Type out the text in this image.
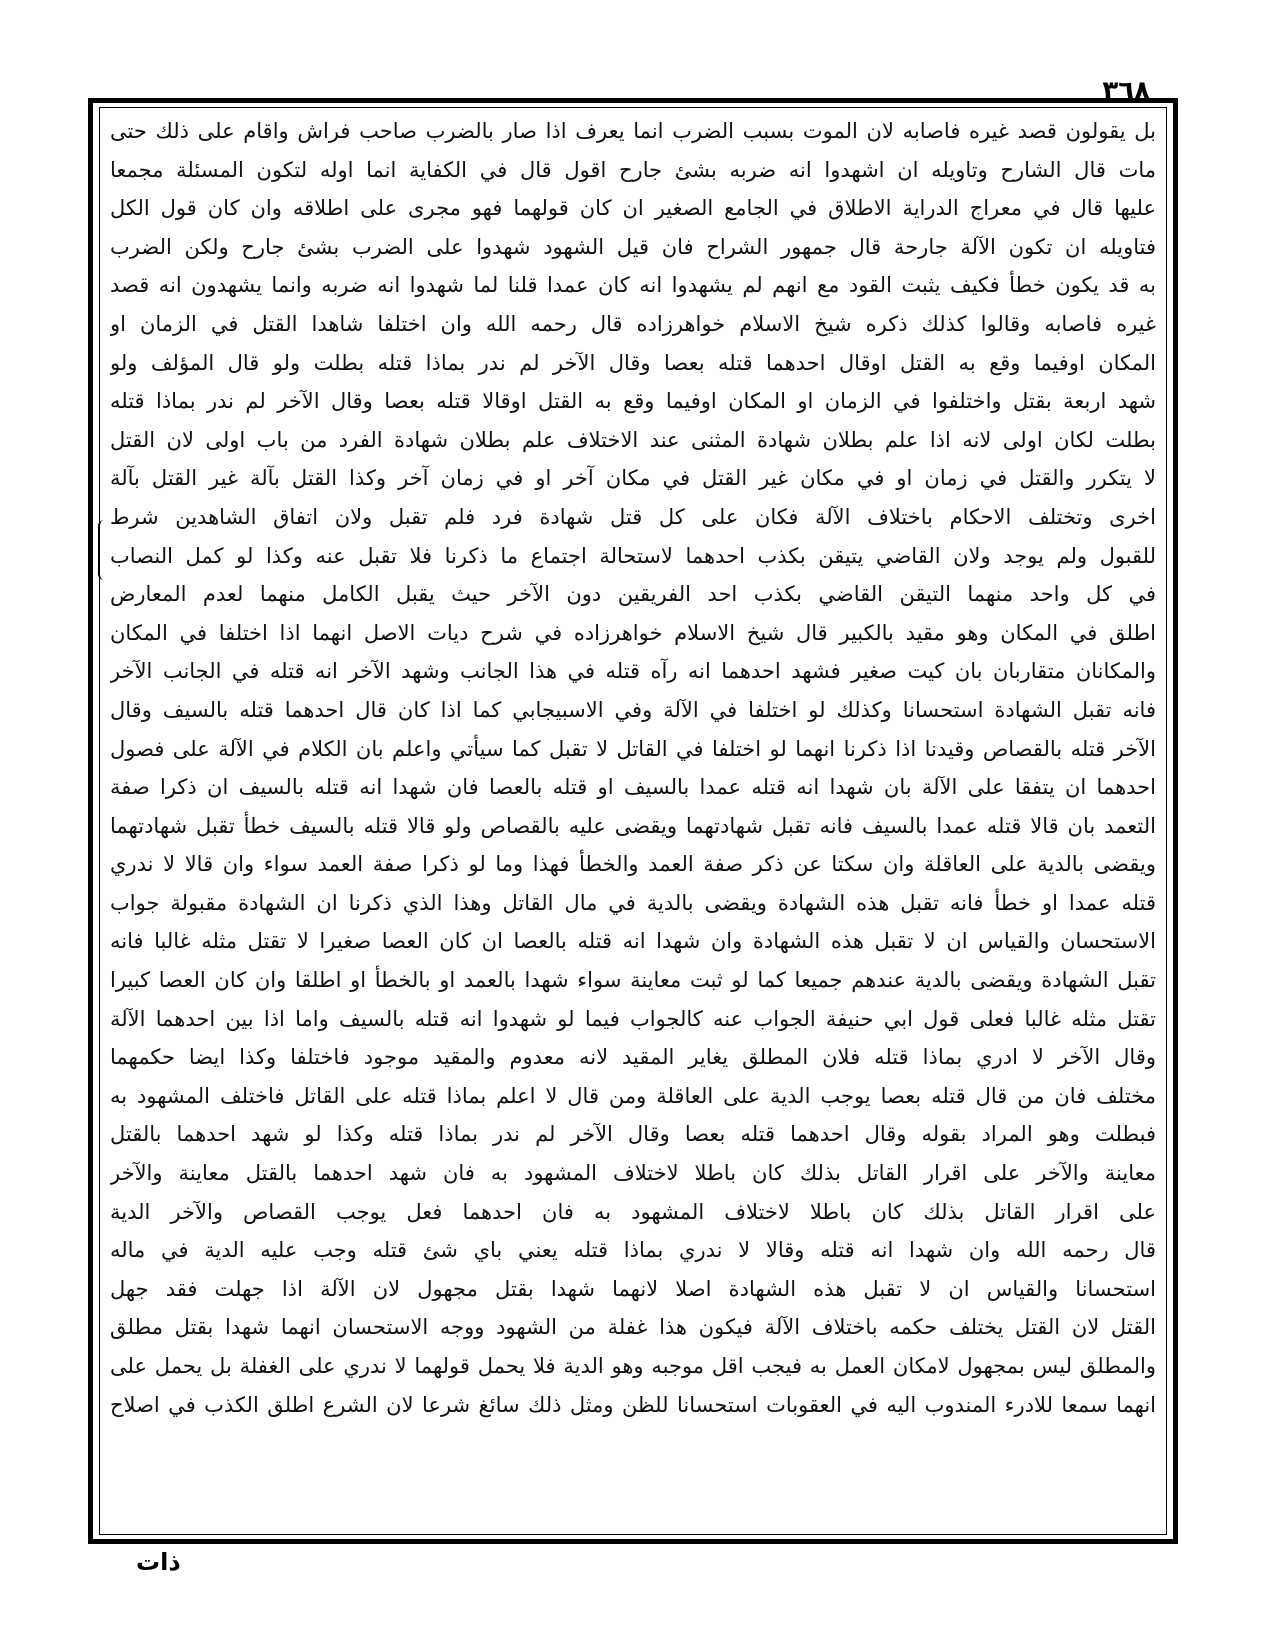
٣٦٨
بل يقولون قصد غيره فاصابه لان الموت بسبب الضرب انما يعرف اذا صار بالضرب صاحب فراش واقام على ذلك حتى
مات قال الشارح وتاويله ان اشهدوا انه ضربه بشئ جارح اقول قال في الكفاية انما اوله لتكون المسئلة مجمعا
عليها قال في معراج الدراية الاطلاق في الجامع الصغير ان كان قولهما فهو مجرى على اطلاقه وان كان قول الكل
فتاويله ان تكون الآلة جارحة قال جمهور الشراح فان قيل الشهود شهدوا على الضرب بشئ جارح ولكن الضرب
به قد يكون خطأ فكيف يثبت القود مع انهم لم يشهدوا انه كان عمدا قلنا لما شهدوا انه ضربه وانما يشهدون انه قصد
غيره فاصابه وقالوا كذلك ذكره شيخ الاسلام خواهرزاده قال رحمه الله وان اختلفا شاهدا القتل في الزمان او
المكان اوفيما وقع به القتل اوقال احدهما قتله بعصا وقال الآخر لم ندر بماذا قتله بطلت ولو قال المؤلف ولو
شهد اربعة بقتل واختلفوا في الزمان او المكان اوفيما وقع به القتل اوقالا قتله بعصا وقال الآخر لم ندر بماذا قتله
بطلت لكان اولى لانه اذا علم بطلان شهادة المثنى عند الاختلاف علم بطلان شهادة الفرد من باب اولى لان القتل
لا يتكرر والقتل في زمان او في مكان غير القتل في مكان آخر او في زمان آخر وكذا القتل بآلة غير القتل بآلة
اخرى وتختلف الاحكام باختلاف الآلة فكان على كل قتل شهادة فرد فلم تقبل ولان اتفاق الشاهدين شرط
للقبول ولم يوجد ولان القاضي يتيقن بكذب احدهما لاستحالة اجتماع ما ذكرنا فلا تقبل عنه وكذا لو كمل النصاب
في كل واحد منهما التيقن القاضي بكذب احد الفريقين دون الآخر حيث يقبل الكامل منهما لعدم المعارض
اطلق في المكان وهو مقيد بالكبير قال شيخ الاسلام خواهرزاده في شرح ديات الاصل انهما اذا اختلفا في المكان
والمكانان متقاربان بان كيت صغير فشهد احدهما انه رآه قتله في هذا الجانب وشهد الآخر انه قتله في الجانب الآخر
فانه تقبل الشهادة استحسانا وكذلك لو اختلفا في الآلة وفي الاسبيجابي كما اذا كان قال احدهما قتله بالسيف وقال
الآخر قتله بالقصاص وقيدنا اذا ذكرنا انهما لو اختلفا في القاتل لا تقبل كما سيأتي واعلم بان الكلام في الآلة على فصول
احدهما ان يتفقا على الآلة بان شهدا انه قتله عمدا بالسيف او قتله بالعصا فان شهدا انه قتله بالسيف ان ذكرا صفة
التعمد بان قالا قتله عمدا بالسيف فانه تقبل شهادتهما ويقضى عليه بالقصاص ولو قالا قتله بالسيف خطأ تقبل شهادتهما
ويقضى بالدية على العاقلة وان سكتا عن ذكر صفة العمد والخطأ فهذا وما لو ذكرا صفة العمد سواء وان قالا لا ندري
قتله عمدا او خطأ فانه تقبل هذه الشهادة ويقضى بالدية في مال القاتل وهذا الذي ذكرنا ان الشهادة مقبولة جواب
الاستحسان والقياس ان لا تقبل هذه الشهادة وان شهدا انه قتله بالعصا ان كان العصا صغيرا لا تقتل مثله غالبا فانه
تقبل الشهادة ويقضى بالدية عندهم جميعا كما لو ثبت معاينة سواء شهدا بالعمد او بالخطأ او اطلقا وان كان العصا كبيرا
تقتل مثله غالبا فعلى قول ابي حنيفة الجواب عنه كالجواب فيما لو شهدوا انه قتله بالسيف واما اذا بين احدهما الآلة
وقال الآخر لا ادري بماذا قتله فلان المطلق يغاير المقيد لانه معدوم والمقيد موجود فاختلفا وكذا ايضا حكمهما
مختلف فان من قال قتله بعصا يوجب الدية على العاقلة ومن قال لا اعلم بماذا قتله على القاتل فاختلف المشهود به
فبطلت وهو المراد بقوله وقال احدهما قتله بعصا وقال الآخر لم ندر بماذا قتله وكذا لو شهد احدهما بالقتل
معاينة والآخر على اقرار القاتل بذلك كان باطلا لاختلاف المشهود به فان شهد احدهما بالقتل معاينة والآخر
على اقرار القاتل بذلك كان باطلا لاختلاف المشهود به فان احدهما فعل يوجب القصاص والآخر الدية
قال رحمه الله وان شهدا انه قتله وقالا لا ندري بماذا قتله يعني باي شئ قتله وجب عليه الدية في ماله
استحسانا والقياس ان لا تقبل هذه الشهادة اصلا لانهما شهدا بقتل مجهول لان الآلة اذا جهلت فقد جهل
القتل لان القتل يختلف حكمه باختلاف الآلة فيكون هذا غفلة من الشهود ووجه الاستحسان انهما شهدا بقتل مطلق
والمطلق ليس بمجهول لامكان العمل به فيجب اقل موجبه وهو الدية فلا يحمل قولهما لا ندري على الغفلة بل يحمل على
انهما سمعا للادرء المندوب اليه في العقوبات استحسانا للظن ومثل ذلك سائغ شرعا لان الشرع اطلق الكذب في اصلاح
ذات
